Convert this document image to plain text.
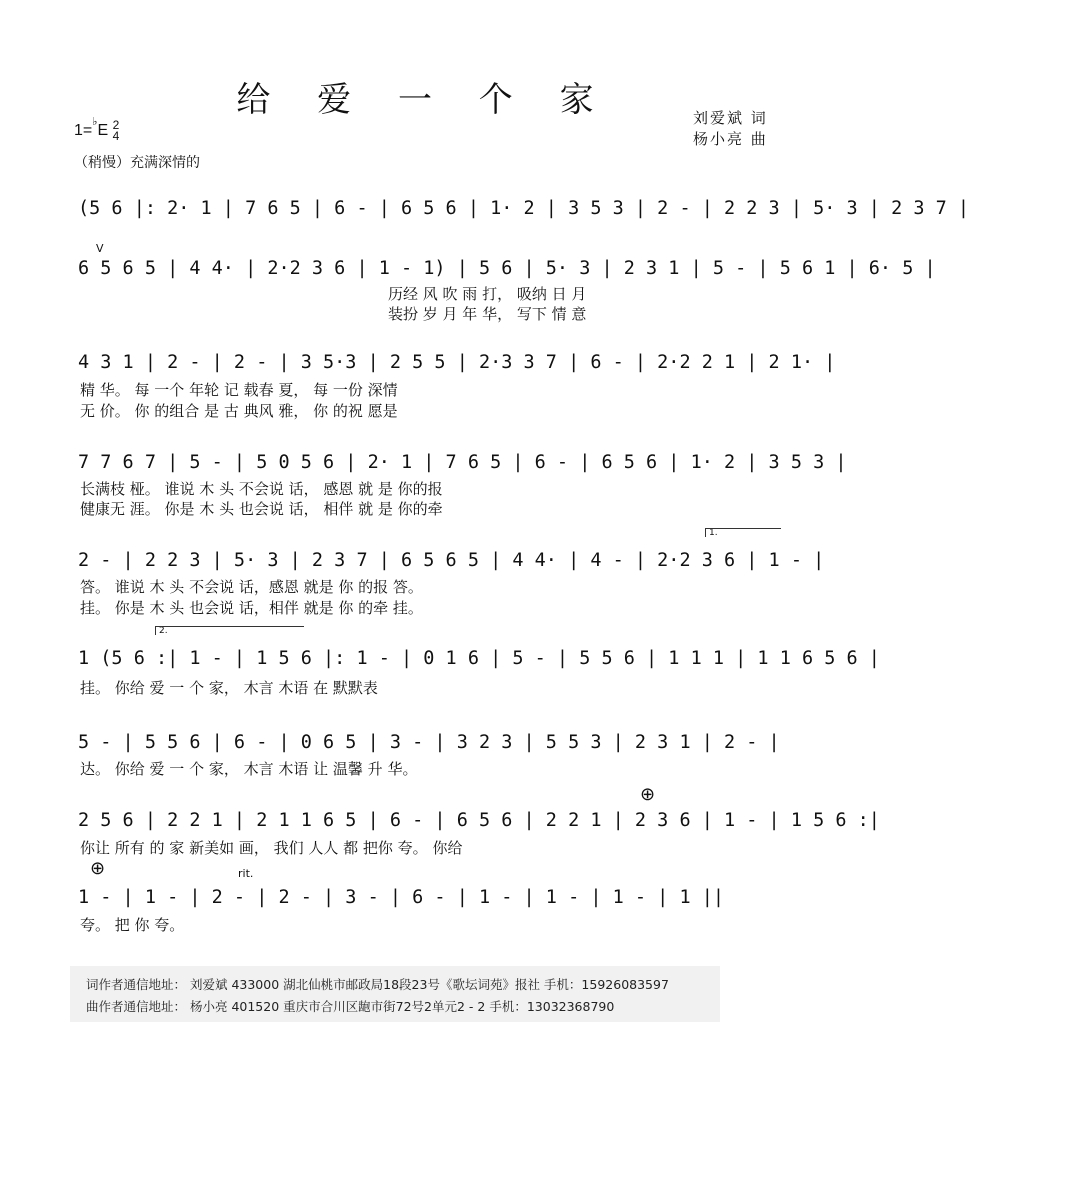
给 爱 一 个 家	刘爱斌 词
杨小亮 曲
1=♭E 2
4
（稍慢）充满深情的
V
⊕
⊕	rit.
1.
2.
(5 6 |: 2· 1 | 7 6 5 | 6 - | 6 5 6 | 1· 2 | 3 5 3 | 2 - | 2 2 3 | 5· 3 | 2 3 7 |
6 5 6 5 | 4 4· | 2·2 3 6 | 1 - 1) | 5 6 | 5· 3 | 2 3 1 | 5 - | 5 6 1 | 6· 5 |
历经 风 吹 雨 打， 吸纳 日 月
装扮 岁 月 年 华， 写下 情 意
4 3 1 | 2 - | 2 - | 3 5·3 | 2 5 5 | 2·3 3 7 | 6 - | 2·2 2 1 | 2 1· |
精 华。 每 一个 年轮 记 载春 夏， 每 一份 深情
无 价。 你 的组合 是 古 典风 雅， 你 的祝 愿是
7 7 6 7 | 5 - | 5 0 5 6 | 2· 1 | 7 6 5 | 6 - | 6 5 6 | 1· 2 | 3 5 3 |
长满枝 桠。 谁说 木 头 不会说 话， 感恩 就 是 你的报
健康无 涯。 你是 木 头 也会说 话， 相伴 就 是 你的牵
2 - | 2 2 3 | 5· 3 | 2 3 7 | 6 5 6 5 | 4 4· | 4 - | 2·2 3 6 | 1 - |
答。 谁说 木 头 不会说 话，感恩 就是 你 的报 答。
挂。 你是 木 头 也会说 话，相伴 就是 你 的牵 挂。
1 (5 6 :| 1 - | 1 5 6 |: 1 - | 0 1 6 | 5 - | 5 5 6 | 1 1 1 | 1 1 6 5 6 |
挂。 你给 爱 一 个 家， 木言 木语 在 默默表
5 - | 5 5 6 | 6 - | 0 6 5 | 3 - | 3 2 3 | 5 5 3 | 2 3 1 | 2 - |
达。 你给 爱 一 个 家， 木言 木语 让 温馨 升 华。
2 5 6 | 2 2 1 | 2 1 1 6 5 | 6 - | 6 5 6 | 2 2 1 | 2 3 6 | 1 - | 1 5 6 :|
你让 所有 的 家 新美如 画， 我们 人人 都 把你 夸。 你给
1 - | 1 - | 2 - | 2 - | 3 - | 6 - | 1 - | 1 - | 1 - | 1 ||
夸。 把 你 夸。
词作者通信地址： 刘爱斌 433000 湖北仙桃市邮政局18段23号《歌坛词苑》报社 手机：15926083597
曲作者通信地址： 杨小亮 401520 重庆市合川区龅市街72号2单元2 - 2 手机：13032368790
